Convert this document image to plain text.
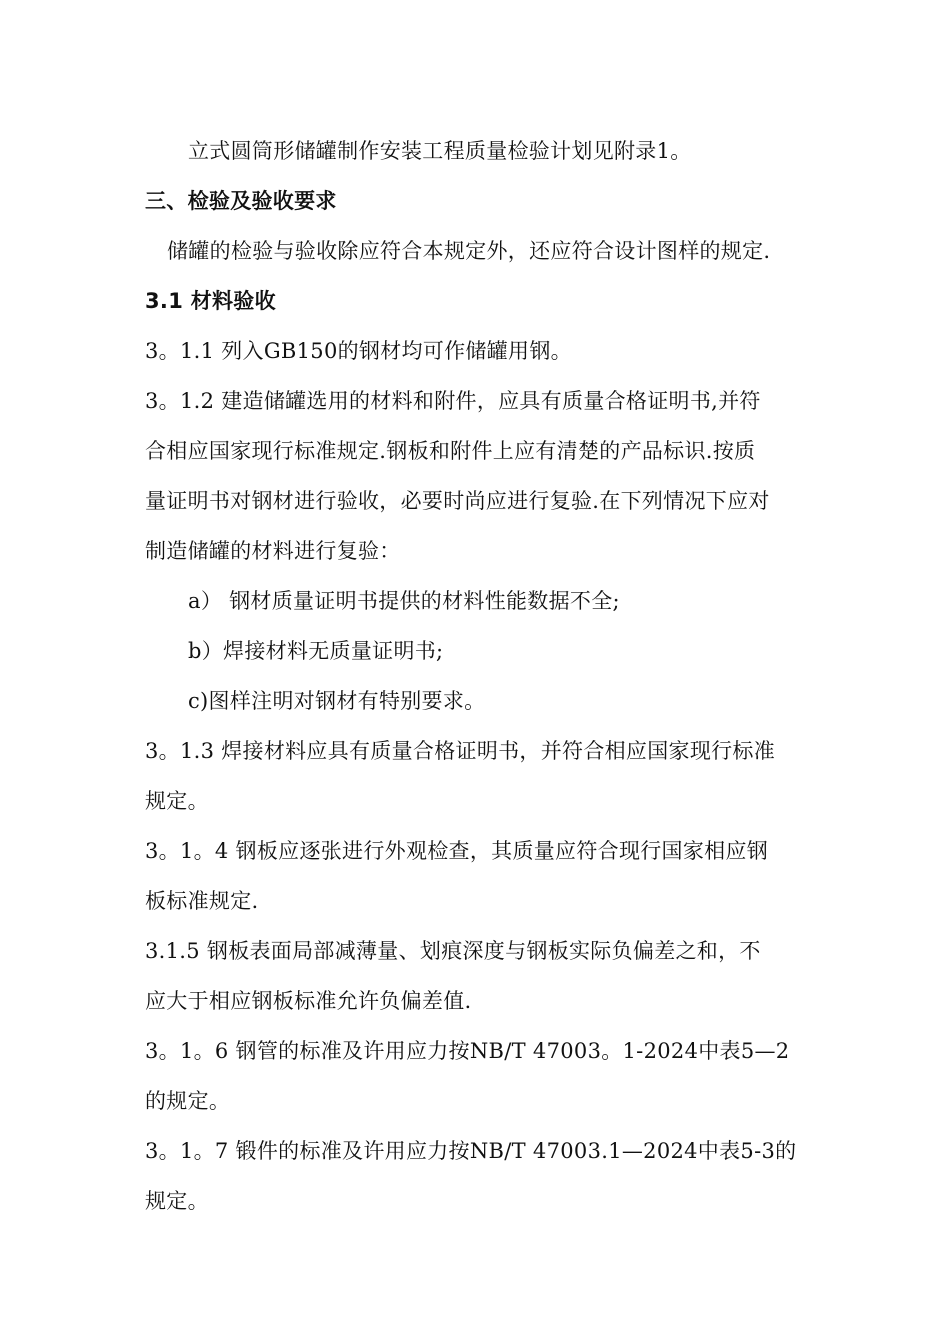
立式圆筒形储罐制作安装工程质量检验计划见附录1。
三、检验及验收要求
储罐的检验与验收除应符合本规定外，还应符合设计图样的规定.
3.1 材料验收
3。1.1 列入GB150的钢材均可作储罐用钢。
3。1.2 建造储罐选用的材料和附件，应具有质量合格证明书,并符
合相应国家现行标准规定.钢板和附件上应有清楚的产品标识.按质
量证明书对钢材进行验收，必要时尚应进行复验.在下列情况下应对
制造储罐的材料进行复验：
a） 钢材质量证明书提供的材料性能数据不全;
b）焊接材料无质量证明书;
c)图样注明对钢材有特别要求。
3。1.3 焊接材料应具有质量合格证明书，并符合相应国家现行标准
规定。
3。1。4 钢板应逐张进行外观检查，其质量应符合现行国家相应钢
板标准规定.
3.1.5 钢板表面局部减薄量、划痕深度与钢板实际负偏差之和，不
应大于相应钢板标准允许负偏差值.
3。1。6 钢管的标准及许用应力按NB/T 47003。1-2024中表5—2
的规定。
3。1。7 锻件的标准及许用应力按NB/T 47003.1—2024中表5-3的
规定。
